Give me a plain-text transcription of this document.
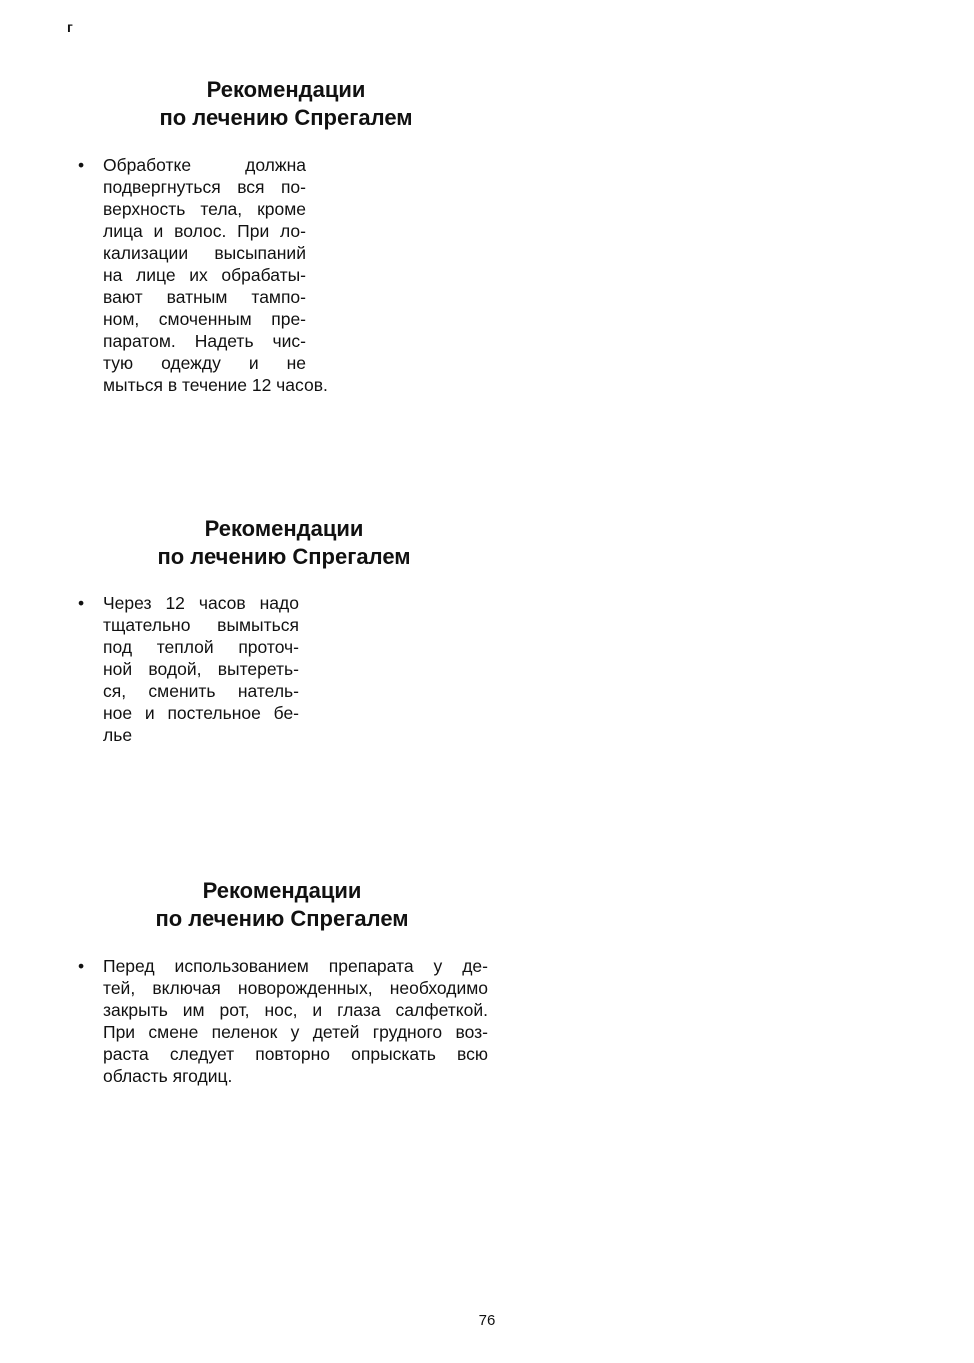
г
Рекомендации
по лечению Спрегалем
• Обработке должна
подвергнуться вся по-
верхность тела, кроме
лица и волос. При ло-
кализации высыпаний
на лице их обрабаты-
вают ватным тампо-
ном, смоченным пре-
паратом. Надеть чис-
тую одежду и не
мыться в течение 12 часов.
Рекомендации
по лечению Спрегалем
• Через 12 часов надо
тщательно вымыться
под теплой проточ-
ной водой, вытереть-
ся, сменить натель-
ное и постельное бе-
лье
Рекомендации
по лечению Спрегалем
• Перед использованием препарата у де-
тей, включая новорожденных, необходимо
закрыть им рот, нос, и глаза салфеткой.
При смене пеленок у детей грудного воз-
раста следует повторно опрыскать всю
область ягодиц.
76
